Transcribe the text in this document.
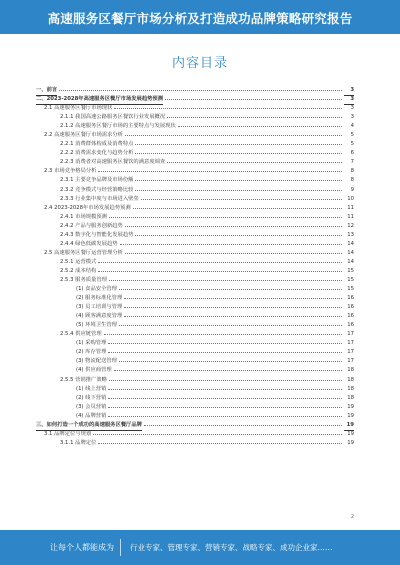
高速服务区餐厅市场分析及打造成功品牌策略研究报告
内容目录
一、前言	3
二、2023-2028年高速服务区餐厅市场发展趋势预测	3
2.1 高速服务区餐厅市场现状	3
2.1.1 我国高速公路服务区餐饮行业发展概况	3
2.1.2 高速服务区餐厅市场的主要特点与发展现状	4
2.2 高速服务区餐厅市场需求分析	5
2.2.1 消费群体构成及消费特点	5
2.2.2 消费需求变化与趋势分析	6
2.2.3 消费者对高速服务区餐饮的满意度调查	7
2.3 市场竞争格局分析	8
2.3.1 主要竞争品牌及市场份额	8
2.3.2 竞争模式与经营策略比较	9
2.3.3 行业集中度与市场进入壁垒	10
2.4 2023-2028年市场发展趋势预测	11
2.4.1 市场规模预测	11
2.4.2 产品与服务创新趋势	12
2.4.3 数字化与智能化发展趋势	13
2.4.4 绿色低碳发展趋势	14
2.5 高速服务区餐厅运营管理分析	14
2.5.1 运营模式	14
2.5.2 成本结构	15
2.5.3 服务质量管理	15
(1) 食品安全管理	15
(2) 服务标准化管理	16
(3) 员工培训与管理	16
(4) 顾客满意度管理	16
(5) 环境卫生管理	16
2.5.4 供应链管理	17
(1) 采购管理	17
(2) 库存管理	17
(3) 物流配送管理	17
(4) 供应商管理	18
2.5.5 营销推广策略	18
(1) 线上营销	18
(2) 线下营销	18
(3) 会员营销	19
(4) 品牌营销	19
三、如何打造一个成功的高速服务区餐厅品牌	19
3.1 品牌定位与规划	19
3.1.1 品牌定位	19
2
让每个人都能成为 行业专家、管理专家、营销专家、战略专家、成功企业家……
